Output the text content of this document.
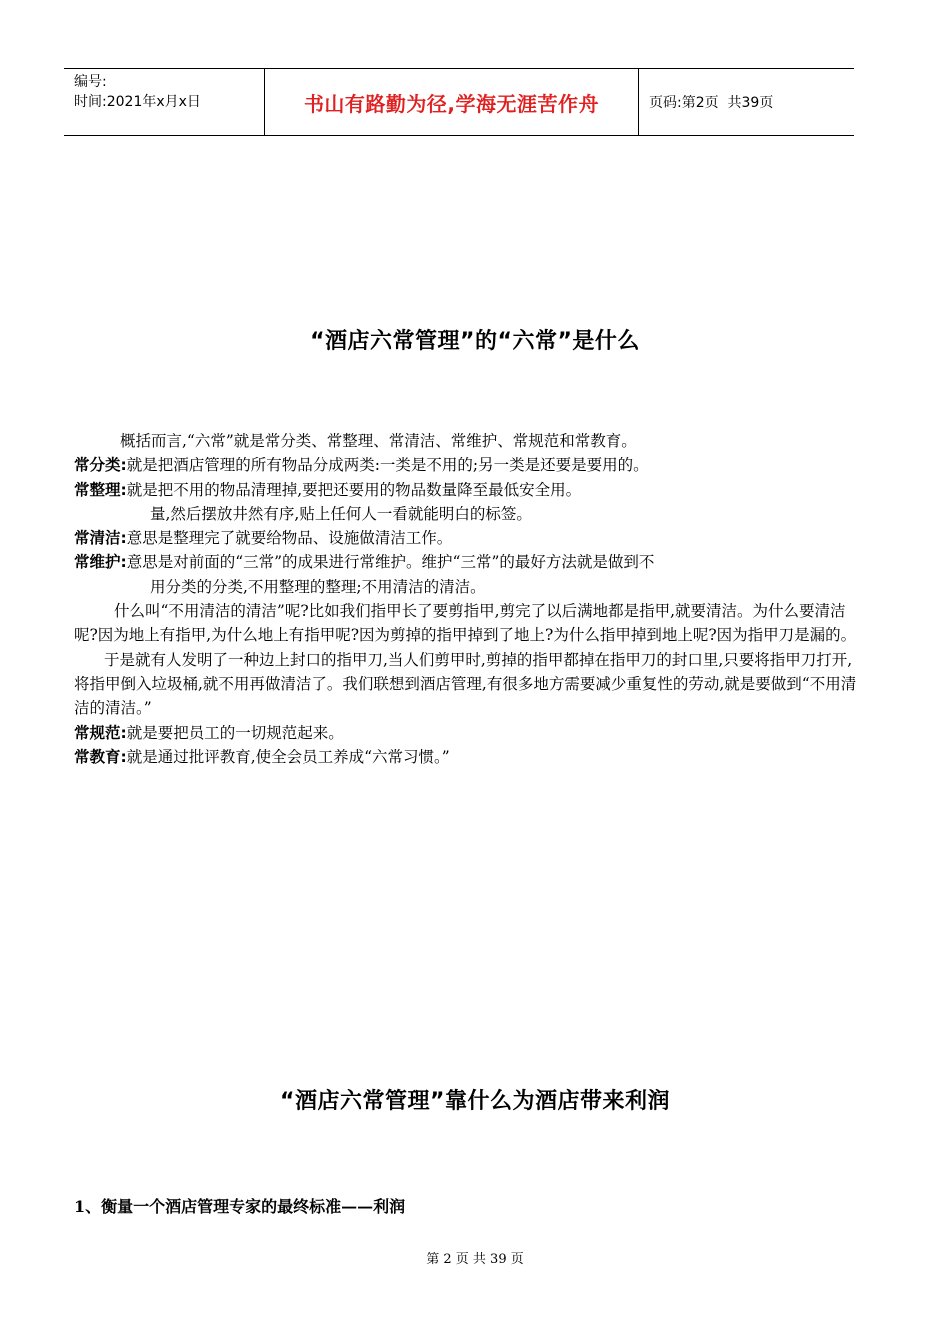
编号:
时间:2021年x月x日	书山有路勤为径,学海无涯苦作舟	页码:第2页  共39页
“酒店六常管理”的“六常”是什么

概括而言,“六常”就是常分类、常整理、常清洁、常维护、常规范和常教育。

常分类:就是把酒店管理的所有物品分成两类:一类是不用的;另一类是还要是要用的。

常整理:就是把不用的物品清理掉,要把还要用的物品数量降至最低安全用。

量,然后摆放井然有序,贴上任何人一看就能明白的标签。

常清洁:意思是整理完了就要给物品、设施做清洁工作。

常维护:意思是对前面的“三常”的成果进行常维护。维护“三常”的最好方法就是做到不

用分类的分类,不用整理的整理;不用清洁的清洁。

什么叫“不用清洁的清洁”呢?比如我们指甲长了要剪指甲,剪完了以后满地都是指甲,就要清洁。为什么要清洁呢?因为地上有指甲,为什么地上有指甲呢?因为剪掉的指甲掉到了地上?为什么指甲掉到地上呢?因为指甲刀是漏的。

于是就有人发明了一种边上封口的指甲刀,当人们剪甲时,剪掉的指甲都掉在指甲刀的封口里,只要将指甲刀打开,将指甲倒入垃圾桶,就不用再做清洁了。我们联想到酒店管理,有很多地方需要减少重复性的劳动,就是要做到“不用清洁的清洁。”

常规范:就是要把员工的一切规范起来。

常教育:就是通过批评教育,使全会员工养成“六常习惯。”

“酒店六常管理”靠什么为酒店带来利润
1、衡量一个酒店管理专家的最终标准——利润
第 2 页 共 39 页
